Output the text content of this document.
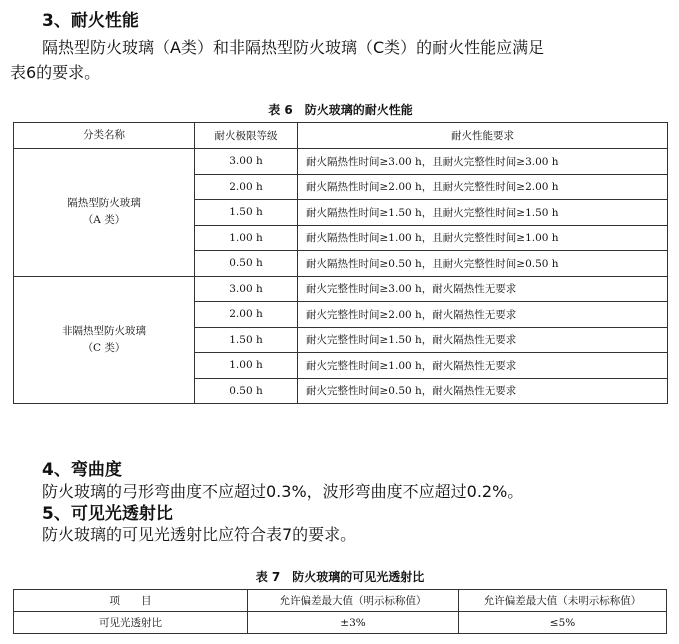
3、耐火性能
隔热型防火玻璃（A类）和非隔热型防火玻璃（C类）的耐火性能应满足
表6的要求。
表 6　防火玻璃的耐火性能
分类名称	耐火极限等级	耐火性能要求

隔热型防火玻璃
（A 类）	3.00 h	耐火隔热性时间≥3.00 h，且耐火完整性时间≥3.00 h
	2.00 h	耐火隔热性时间≥2.00 h，且耐火完整性时间≥2.00 h
	1.50 h	耐火隔热性时间≥1.50 h，且耐火完整性时间≥1.50 h
	1.00 h	耐火隔热性时间≥1.00 h，且耐火完整性时间≥1.00 h
	0.50 h	耐火隔热性时间≥0.50 h，且耐火完整性时间≥0.50 h

非隔热型防火玻璃
（C 类）	3.00 h	耐火完整性时间≥3.00 h，耐火隔热性无要求
	2.00 h	耐火完整性时间≥2.00 h，耐火隔热性无要求
	1.50 h	耐火完整性时间≥1.50 h，耐火隔热性无要求
	1.00 h	耐火完整性时间≥1.00 h，耐火隔热性无要求
	0.50 h	耐火完整性时间≥0.50 h，耐火隔热性无要求
4、弯曲度
防火玻璃的弓形弯曲度不应超过0.3%，波形弯曲度不应超过0.2%。
5、可见光透射比
防火玻璃的可见光透射比应符合表7的要求。
表 7　防火玻璃的可见光透射比
项　　目	允许偏差最大值（明示标称值）	允许偏差最大值（未明示标称值）
可见光透射比	±3%	≤5%
